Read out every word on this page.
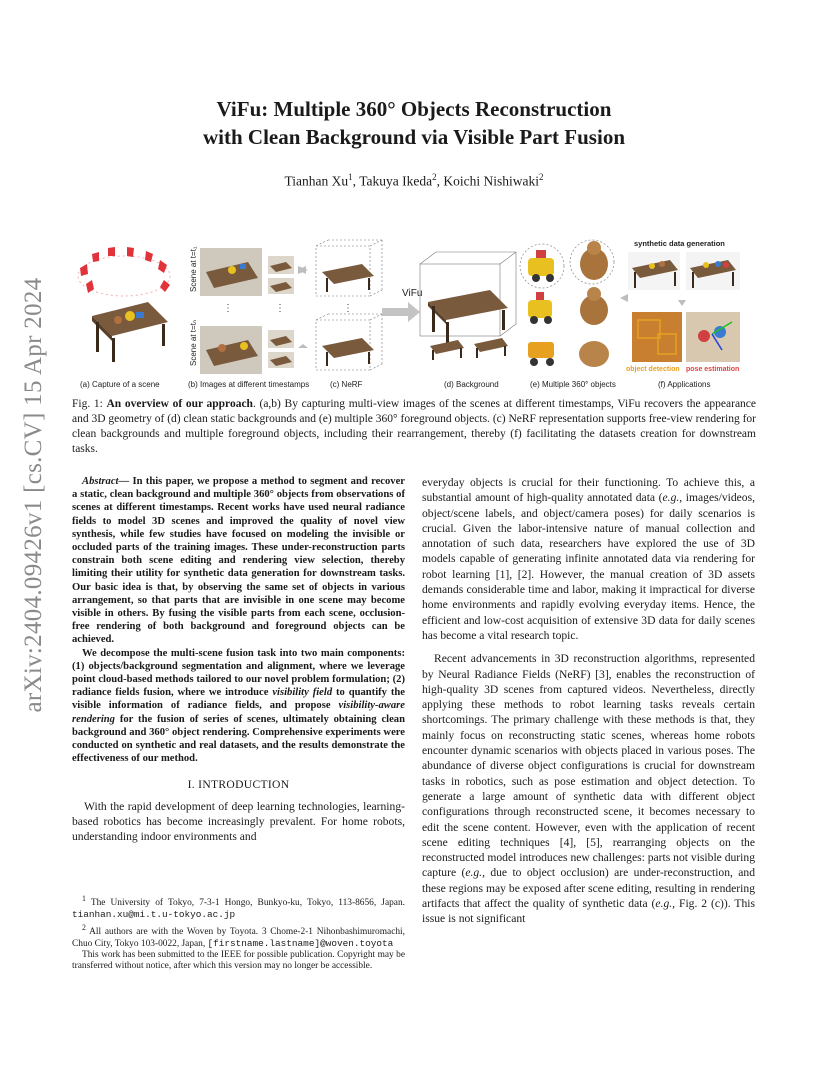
arXiv:2404.09426v1 [cs.CV] 15 Apr 2024
ViFu: Multiple 360° Objects Reconstruction
with Clean Background via Visible Part Fusion
Tianhan Xu$^1$, Takuya Ikeda$^2$, Koichi Nishiwaki$^2$
Scene at t=t₁
Scene at t=tₙ
⋮	⋮	⋮
ViFu
synthetic data generation
object detection pose estimation
(a) Capture of a scene	(b) Images at different timestamps	(c) NeRF	(d) Background	(e) Multiple 360° objects	(f) Applications
Fig. 1: An overview of our approach. (a,b) By capturing multi-view images of the scenes at different timestamps, ViFu recovers the appearance and 3D geometry of (d) clean static backgrounds and (e) multiple 360° foreground objects. (c) NeRF representation supports free-view rendering for clean backgrounds and multiple foreground objects, including their rearrangement, thereby (f) facilitating the datasets creation for downstream tasks.

Abstract— In this paper, we propose a method to segment and recover a static, clean background and multiple 360° objects from observations of scenes at different timestamps. Recent works have used neural radiance fields to model 3D scenes and improved the quality of novel view synthesis, while few studies have focused on modeling the invisible or occluded parts of the training images. These under-reconstruction parts constrain both scene editing and rendering view selection, thereby limiting their utility for synthetic data generation for downstream tasks. Our basic idea is that, by observing the same set of objects in various arrangement, so that parts that are invisible in one scene may become visible in others. By fusing the visible parts from each scene, occlusion-free rendering of both background and foreground objects can be achieved.

We decompose the multi-scene fusion task into two main components: (1) objects/background segmentation and alignment, where we leverage point cloud-based methods tailored to our novel problem formulation; (2) radiance fields fusion, where we introduce visibility field to quantify the visible information of radiance fields, and propose visibility-aware rendering for the fusion of series of scenes, ultimately obtaining clean background and 360° object rendering. Comprehensive experiments were conducted on synthetic and real datasets, and the results demonstrate the effectiveness of our method.

I. INTRODUCTION

With the rapid development of deep learning technologies, learning-based robotics has become increasingly prevalent. For home robots, understanding indoor environments and

$^1$ The University of Tokyo, 7-3-1 Hongo, Bunkyo-ku, Tokyo, 113-8656, Japan. tianhan.xu@mi.t.u-tokyo.ac.jp

$^2$ All authors are with the Woven by Toyota. 3 Chome-2-1 Nihonbashimuromachi, Chuo City, Tokyo 103-0022, Japan, [firstname.lastname]@woven.toyota

This work has been submitted to the IEEE for possible publication. Copyright may be transferred without notice, after which this version may no longer be accessible.

everyday objects is crucial for their functioning. To achieve this, a substantial amount of high-quality annotated data (e.g., images/videos, object/scene labels, and object/camera poses) for daily scenarios is crucial. Given the labor-intensive nature of manual collection and annotation of such data, researchers have explored the use of 3D models capable of generating infinite annotated data via rendering for robot learning [1], [2]. However, the manual creation of 3D assets demands considerable time and labor, making it impractical for diverse home environments and rapidly evolving everyday items. Hence, the efficient and low-cost acquisition of extensive 3D data for daily scenes has become a vital research topic.

Recent advancements in 3D reconstruction algorithms, represented by Neural Radiance Fields (NeRF) [3], enables the reconstruction of high-quality 3D scenes from captured videos. Nevertheless, directly applying these methods to robot learning tasks reveals certain shortcomings. The primary challenge with these methods is that, they mainly focus on reconstructing static scenes, whereas home robots encounter dynamic scenarios with objects placed in various poses. The abundance of diverse object configurations is crucial for downstream tasks in robotics, such as pose estimation and object detection. To generate a large amount of synthetic data with different object configurations through reconstructed scene, it becomes necessary to edit the scene content. However, even with the application of recent scene editing techniques [4], [5], rearranging objects on the reconstructed model introduces new challenges: parts not visible during capture (e.g., due to object occlusion) are under-reconstruction, and these regions may be exposed after scene editing, resulting in rendering artifacts that affect the quality of synthetic data (e.g., Fig. 2 (c)). This issue is not significant
